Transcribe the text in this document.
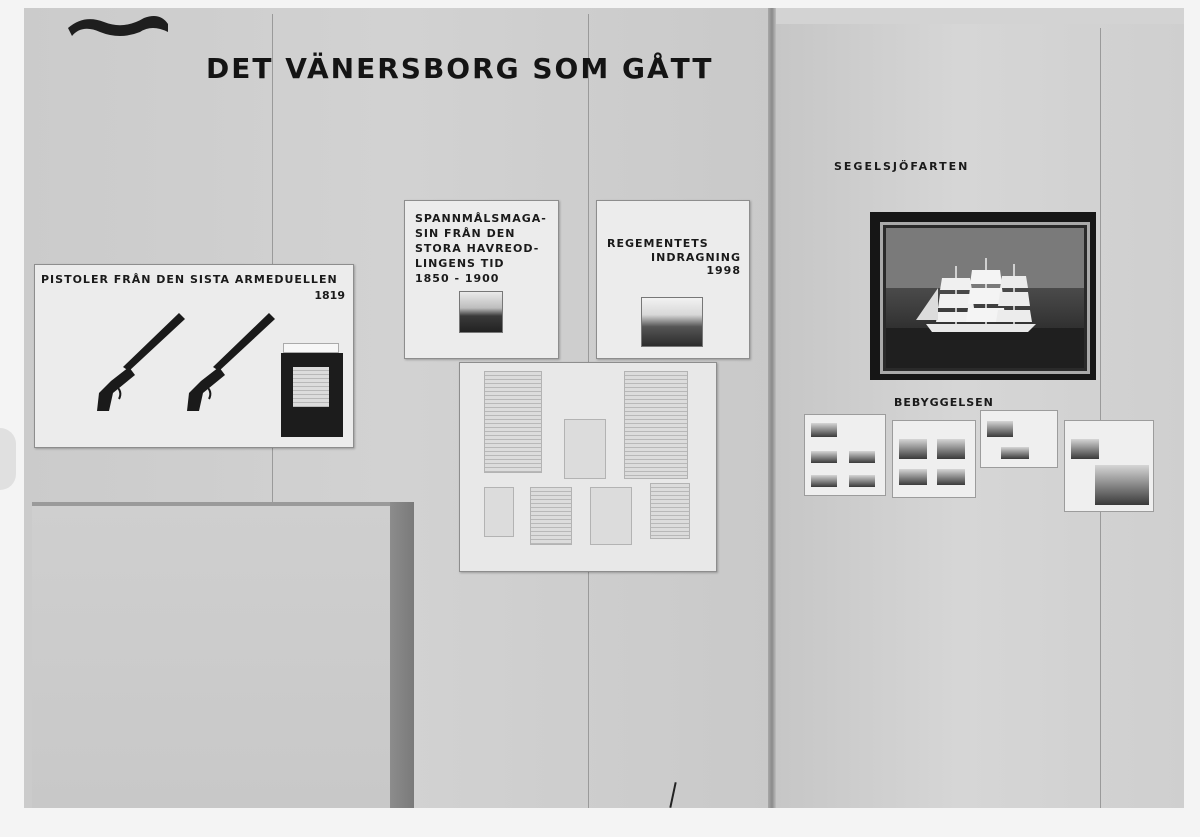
DET VÄNERSBORG SOM GÅTT
PISTOLER FRÅN DEN SISTA ARMEDUELLEN
1819
SPANNMÅLSMAGA-
SIN FRÅN DEN
STORA HAVREOD-
LINGENS TID
1850 - 1900
REGEMENTETS
INDRAGNING
1998
SEGELSJÖFARTEN
BEBYGGELSEN
